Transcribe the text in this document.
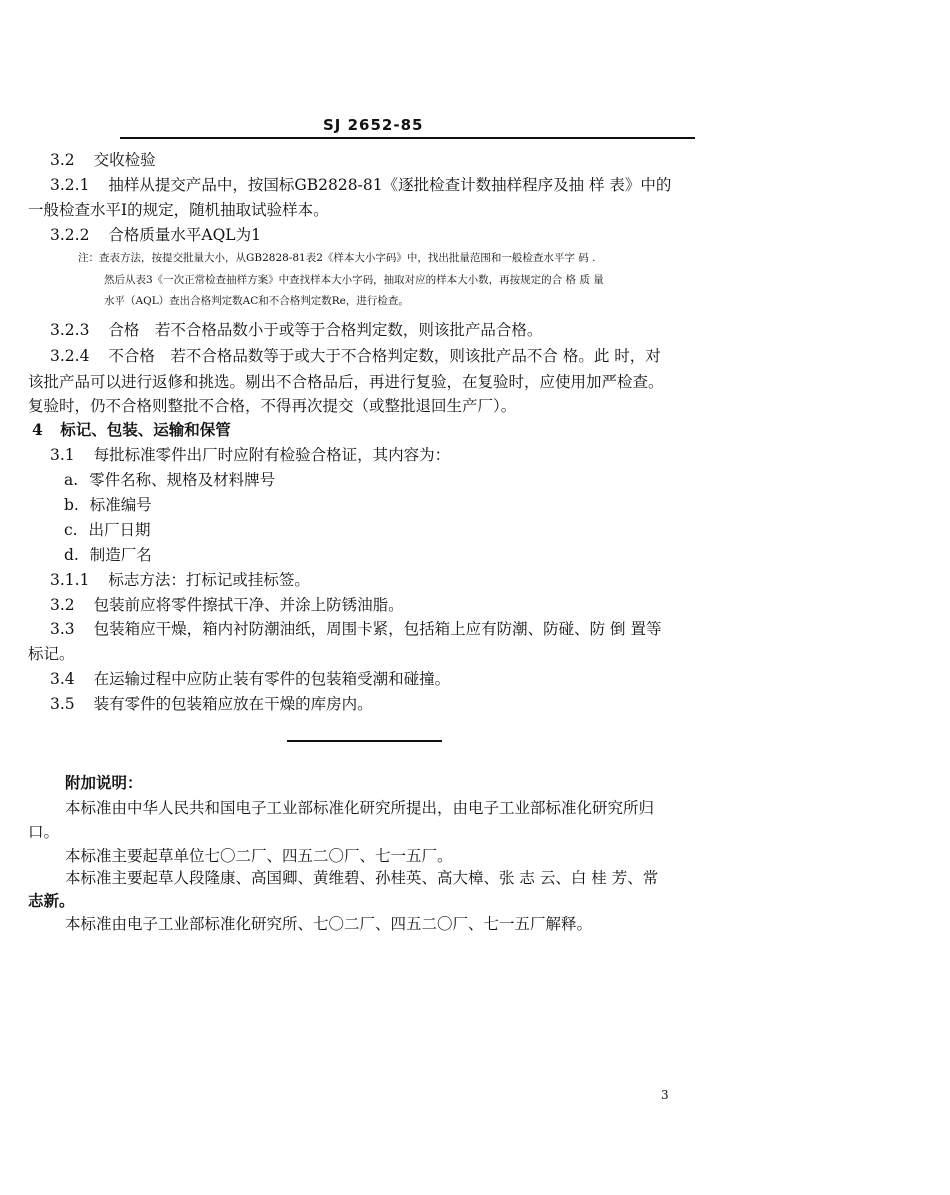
SJ 2652-85
3.2 交收检验
3.2.1 抽样从提交产品中，按国标GB2828-81《逐批检查计数抽样程序及抽 样 表》中的
一般检查水平Ⅰ的规定，随机抽取试验样本。
3.2.2 合格质量水平AQL为1
注：查表方法，按提交批量大小，从GB2828-81表2《样本大小字码》中，找出批量范围和一般检查水平字 码 .
然后从表3《一次正常检查抽样方案》中查找样本大小字码，抽取对应的样本大小数，再按规定的合 格 质 量
水平（AQL）查出合格判定数AC和不合格判定数Re，进行检查。
3.2.3 合格　若不合格品数小于或等于合格判定数，则该批产品合格。
3.2.4 不合格　若不合格品数等于或大于不合格判定数，则该批产品不合 格。此 时，对
该批产品可以进行返修和挑选。剔出不合格品后，再进行复验，在复验时，应使用加严检查。
复验时，仍不合格则整批不合格，不得再次提交（或整批退回生产厂）。
4 标记、包装、运输和保管
3.1 每批标准零件出厂时应附有检验合格证，其内容为：
a. 零件名称、规格及材料牌号
b. 标准编号
c. 出厂日期
d. 制造厂名
3.1.1 标志方法：打标记或挂标签。
3.2 包装前应将零件擦拭干净、并涂上防锈油脂。
3.3 包装箱应干燥，箱内衬防潮油纸，周围卡紧，包括箱上应有防潮、防碰、防 倒 置等
标记。
3.4 在运输过程中应防止装有零件的包装箱受潮和碰撞。
3.5 装有零件的包装箱应放在干燥的库房内。
附加说明：
本标准由中华人民共和国电子工业部标准化研究所提出，由电子工业部标准化研究所归
口。
本标准主要起草单位七〇二厂、四五二〇厂、七一五厂。
本标准主要起草人段隆康、高国卿、黄维碧、孙桂英、高大樟、张 志 云、白 桂 芳、常
志新。
本标准由电子工业部标准化研究所、七〇二厂、四五二〇厂、七一五厂解释。
3
